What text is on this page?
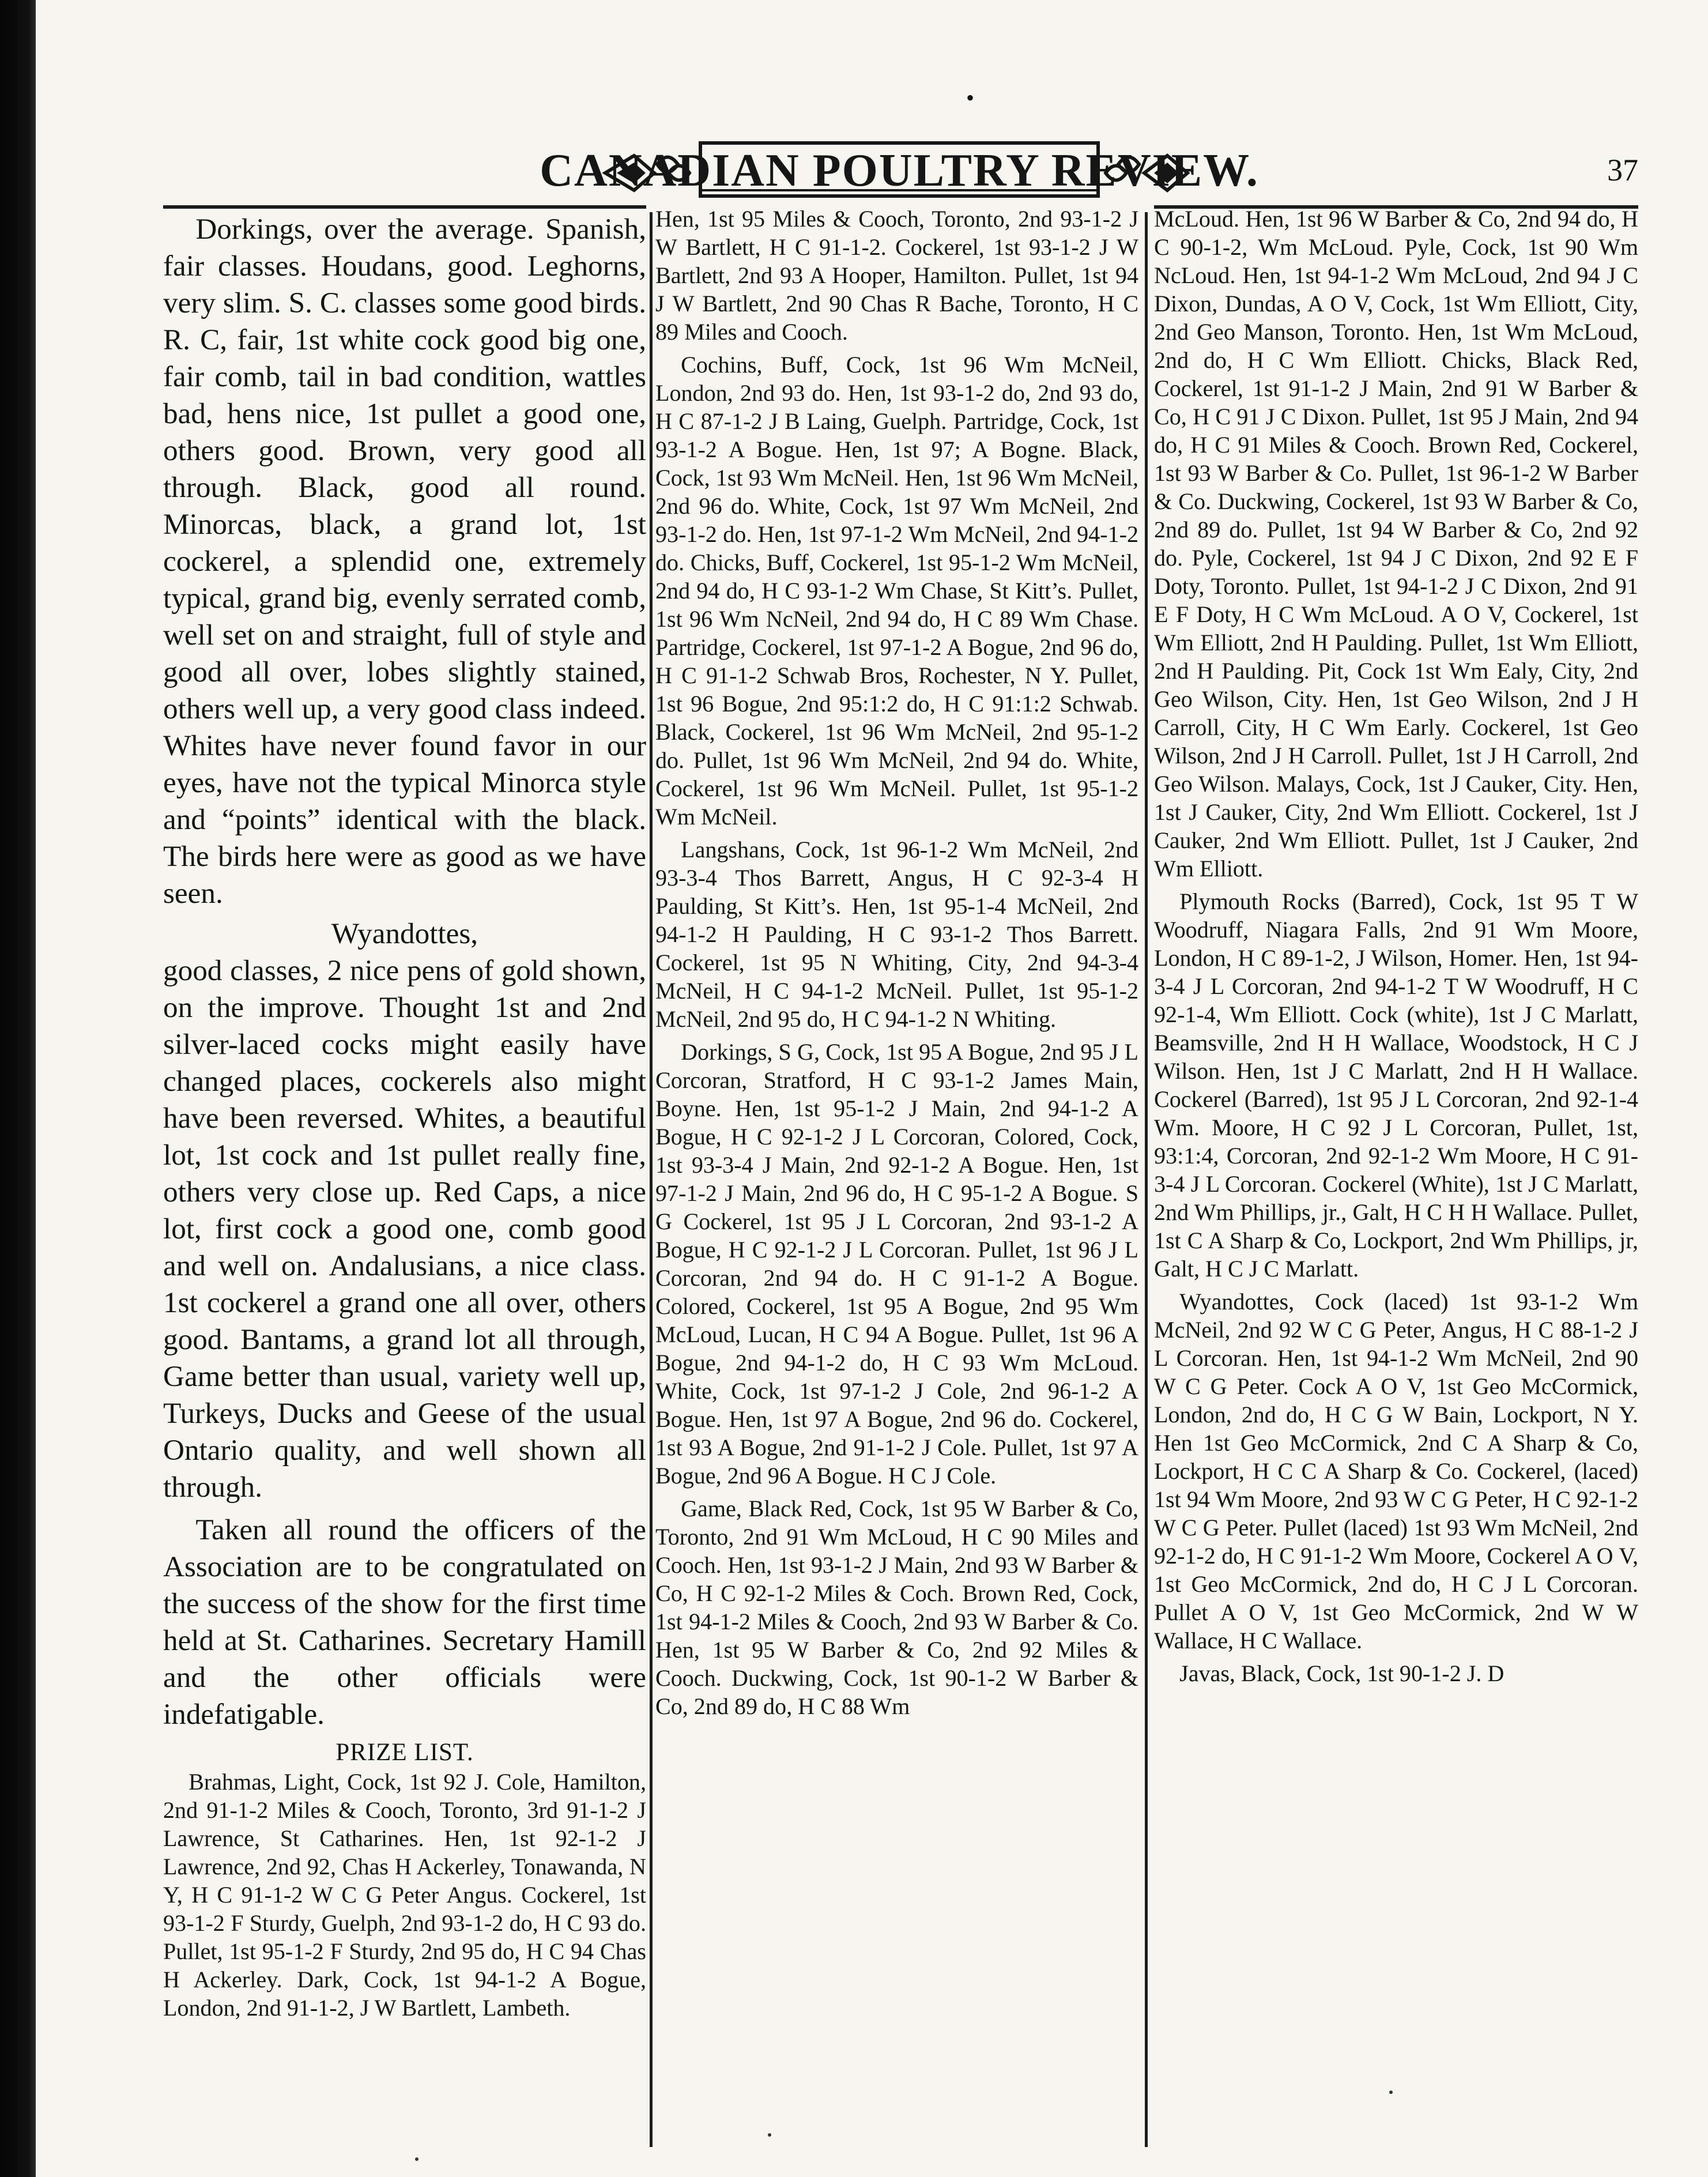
•
CANADIAN POULTRY REVIEW.	37

Dorkings, over the average. Spanish, fair classes. Houdans, good. Leghorns, very slim. S. C. classes some good birds. R. C, fair, 1st white cock good big one, fair comb, tail in bad condition, wattles bad, hens nice, 1st pullet a good one, others good. Brown, very good all through. Black, good all round. Minorcas, black, a grand lot, 1st cockerel, a splendid one, extremely typical, grand big, evenly serrated comb, well set on and straight, full of style and good all over, lobes slightly stained, others well up, a very good class indeed. Whites have never found favor in our eyes, have not the typical Minorca style and “points” identical with the black. The birds here were as good as we have seen.

Wyandottes,

good classes, 2 nice pens of gold shown, on the improve. Thought 1st and 2nd silver-laced cocks might easily have changed places, cockerels also might have been reversed. Whites, a beautiful lot, 1st cock and 1st pullet really fine, others very close up. Red Caps, a nice lot, first cock a good one, comb good and well on. Andalusians, a nice class. 1st cockerel a grand one all over, others good. Bantams, a grand lot all through, Game better than usual, variety well up, Turkeys, Ducks and Geese of the usual Ontario quality, and well shown all through.

Taken all round the officers of the Association are to be congratulated on the success of the show for the first time held at St. Catharines. Secretary Hamill and the other officials were indefatigable.

PRIZE LIST.

Brahmas, Light, Cock, 1st 92 J. Cole, Hamilton, 2nd 91-1-2 Miles & Cooch, Toronto, 3rd 91-1-2 J Lawrence, St Catharines. Hen, 1st 92-1-2 J Lawrence, 2nd 92, Chas H Ackerley, Tonawanda, N Y, H C 91-1-2 W C G Peter Angus. Cockerel, 1st 93-1-2 F Sturdy, Guelph, 2nd 93-1-2 do, H C 93 do. Pullet, 1st 95-1-2 F Sturdy, 2nd 95 do, H C 94 Chas H Ackerley. Dark, Cock, 1st 94-1-2 A Bogue, London, 2nd 91-1-2, J W Bartlett, Lambeth.

Hen, 1st 95 Miles & Cooch, Toronto, 2nd 93-1-2 J W Bartlett, H C 91-1-2. Cockerel, 1st 93-1-2 J W Bartlett, 2nd 93 A Hooper, Hamilton. Pullet, 1st 94 J W Bartlett, 2nd 90 Chas R Bache, Toronto, H C 89 Miles and Cooch.

Cochins, Buff, Cock, 1st 96 Wm McNeil, London, 2nd 93 do. Hen, 1st 93-1-2 do, 2nd 93 do, H C 87-1-2 J B Laing, Guelph. Partridge, Cock, 1st 93-1-2 A Bogue. Hen, 1st 97; A Bogne. Black, Cock, 1st 93 Wm McNeil. Hen, 1st 96 Wm McNeil, 2nd 96 do. White, Cock, 1st 97 Wm McNeil, 2nd 93-1-2 do. Hen, 1st 97-1-2 Wm McNeil, 2nd 94-1-2 do. Chicks, Buff, Cockerel, 1st 95-1-2 Wm McNeil, 2nd 94 do, H C 93-1-2 Wm Chase, St Kitt’s. Pullet, 1st 96 Wm NcNeil, 2nd 94 do, H C 89 Wm Chase. Partridge, Cockerel, 1st 97-1-2 A Bogue, 2nd 96 do, H C 91-1-2 Schwab Bros, Rochester, N Y. Pullet, 1st 96 Bogue, 2nd 95:1:2 do, H C 91:1:2 Schwab. Black, Cockerel, 1st 96 Wm McNeil, 2nd 95-1-2 do. Pullet, 1st 96 Wm McNeil, 2nd 94 do. White, Cockerel, 1st 96 Wm McNeil. Pullet, 1st 95-1-2 Wm McNeil.

Langshans, Cock, 1st 96-1-2 Wm McNeil, 2nd 93-3-4 Thos Barrett, Angus, H C 92-3-4 H Paulding, St Kitt’s. Hen, 1st 95-1-4 McNeil, 2nd 94-1-2 H Paulding, H C 93-1-2 Thos Barrett. Cockerel, 1st 95 N Whiting, City, 2nd 94-3-4 McNeil, H C 94-1-2 McNeil. Pullet, 1st 95-1-2 McNeil, 2nd 95 do, H C 94-1-2 N Whiting.

Dorkings, S G, Cock, 1st 95 A Bogue, 2nd 95 J L Corcoran, Stratford, H C 93-1-2 James Main, Boyne. Hen, 1st 95-1-2 J Main, 2nd 94-1-2 A Bogue, H C 92-1-2 J L Corcoran, Colored, Cock, 1st 93-3-4 J Main, 2nd 92-1-2 A Bogue. Hen, 1st 97-1-2 J Main, 2nd 96 do, H C 95-1-2 A Bogue. S G Cockerel, 1st 95 J L Corcoran, 2nd 93-1-2 A Bogue, H C 92-1-2 J L Corcoran. Pullet, 1st 96 J L Corcoran, 2nd 94 do. H C 91-1-2 A Bogue. Colored, Cockerel, 1st 95 A Bogue, 2nd 95 Wm McLoud, Lucan, H C 94 A Bogue. Pullet, 1st 96 A Bogue, 2nd 94-1-2 do, H C 93 Wm McLoud. White, Cock, 1st 97-1-2 J Cole, 2nd 96-1-2 A Bogue. Hen, 1st 97 A Bogue, 2nd 96 do. Cockerel, 1st 93 A Bogue, 2nd 91-1-2 J Cole. Pullet, 1st 97 A Bogue, 2nd 96 A Bogue. H C J Cole.

Game, Black Red, Cock, 1st 95 W Barber & Co, Toronto, 2nd 91 Wm McLoud, H C 90 Miles and Cooch. Hen, 1st 93-1-2 J Main, 2nd 93 W Barber & Co, H C 92-1-2 Miles & Coch. Brown Red, Cock, 1st 94-1-2 Miles & Cooch, 2nd 93 W Barber & Co. Hen, 1st 95 W Barber & Co, 2nd 92 Miles & Cooch. Duckwing, Cock, 1st 90-1-2 W Barber & Co, 2nd 89 do, H C 88 Wm

McLoud. Hen, 1st 96 W Barber & Co, 2nd 94 do, H C 90-1-2, Wm McLoud. Pyle, Cock, 1st 90 Wm NcLoud. Hen, 1st 94-1-2 Wm McLoud, 2nd 94 J C Dixon, Dundas, A O V, Cock, 1st Wm Elliott, City, 2nd Geo Manson, Toronto. Hen, 1st Wm McLoud, 2nd do, H C Wm Elliott. Chicks, Black Red, Cockerel, 1st 91-1-2 J Main, 2nd 91 W Barber & Co, H C 91 J C Dixon. Pullet, 1st 95 J Main, 2nd 94 do, H C 91 Miles & Cooch. Brown Red, Cockerel, 1st 93 W Barber & Co. Pullet, 1st 96-1-2 W Barber & Co. Duckwing, Cockerel, 1st 93 W Barber & Co, 2nd 89 do. Pullet, 1st 94 W Barber & Co, 2nd 92 do. Pyle, Cockerel, 1st 94 J C Dixon, 2nd 92 E F Doty, Toronto. Pullet, 1st 94-1-2 J C Dixon, 2nd 91 E F Doty, H C Wm McLoud. A O V, Cockerel, 1st Wm Elliott, 2nd H Paulding. Pullet, 1st Wm Elliott, 2nd H Paulding. Pit, Cock 1st Wm Ealy, City, 2nd Geo Wilson, City. Hen, 1st Geo Wilson, 2nd J H Carroll, City, H C Wm Early. Cockerel, 1st Geo Wilson, 2nd J H Carroll. Pullet, 1st J H Carroll, 2nd Geo Wilson. Malays, Cock, 1st J Cauker, City. Hen, 1st J Cauker, City, 2nd Wm Elliott. Cockerel, 1st J Cauker, 2nd Wm Elliott. Pullet, 1st J Cauker, 2nd Wm Elliott.

Plymouth Rocks (Barred), Cock, 1st 95 T W Woodruff, Niagara Falls, 2nd 91 Wm Moore, London, H C 89-1-2, J Wilson, Homer. Hen, 1st 94-3-4 J L Corcoran, 2nd 94-1-2 T W Woodruff, H C 92-1-4, Wm Elliott. Cock (white), 1st J C Marlatt, Beamsville, 2nd H H Wallace, Woodstock, H C J Wilson. Hen, 1st J C Marlatt, 2nd H H Wallace. Cockerel (Barred), 1st 95 J L Corcoran, 2nd 92-1-4 Wm. Moore, H C 92 J L Corcoran, Pullet, 1st, 93:1:4, Corcoran, 2nd 92-1-2 Wm Moore, H C 91-3-4 J L Corcoran. Cockerel (White), 1st J C Marlatt, 2nd Wm Phillips, jr., Galt, H C H H Wallace. Pullet, 1st C A Sharp & Co, Lockport, 2nd Wm Phillips, jr, Galt, H C J C Marlatt.

Wyandottes, Cock (laced) 1st 93-1-2 Wm McNeil, 2nd 92 W C G Peter, Angus, H C 88-1-2 J L Corcoran. Hen, 1st 94-1-2 Wm McNeil, 2nd 90 W C G Peter. Cock A O V, 1st Geo McCormick, London, 2nd do, H C G W Bain, Lockport, N Y. Hen 1st Geo McCormick, 2nd C A Sharp & Co, Lockport, H C C A Sharp & Co. Cockerel, (laced) 1st 94 Wm Moore, 2nd 93 W C G Peter, H C 92-1-2 W C G Peter. Pullet (laced) 1st 93 Wm McNeil, 2nd 92-1-2 do, H C 91-1-2 Wm Moore, Cockerel A O V, 1st Geo McCormick, 2nd do, H C J L Corcoran. Pullet A O V, 1st Geo McCormick, 2nd W W Wallace, H C Wallace.

Javas, Black, Cock, 1st 90-1-2 J. D
